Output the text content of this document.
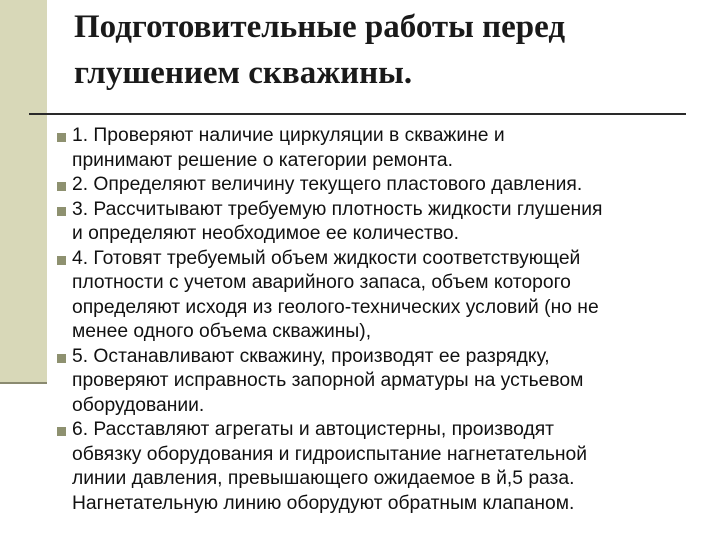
Подготовительные работы перед
глушением скважины.
1. Проверяют наличие циркуляции в скважине и
принимают решение о категории ремонта.
2. Определяют величину текущего пластового давления.
3. Рассчитывают требуемую плотность жидкости глушения
и определяют необходимое ее количество.
4. Готовят требуемый объем жидкости соответствующей
плотности с учетом аварийного запаса, объем которого
определяют исходя из геолого-технических условий (но не
менее одного объема скважины),
5. Останавливают скважину, производят ее разрядку,
проверяют исправность запорной арматуры на устьевом
оборудовании.
6. Расставляют агрегаты и автоцистерны, производят
обвязку оборудования и гидроиспытание нагнетательной
линии давления, превышающего ожидаемое в й,5 раза.
Нагнетательную линию оборудуют обратным клапаном.
